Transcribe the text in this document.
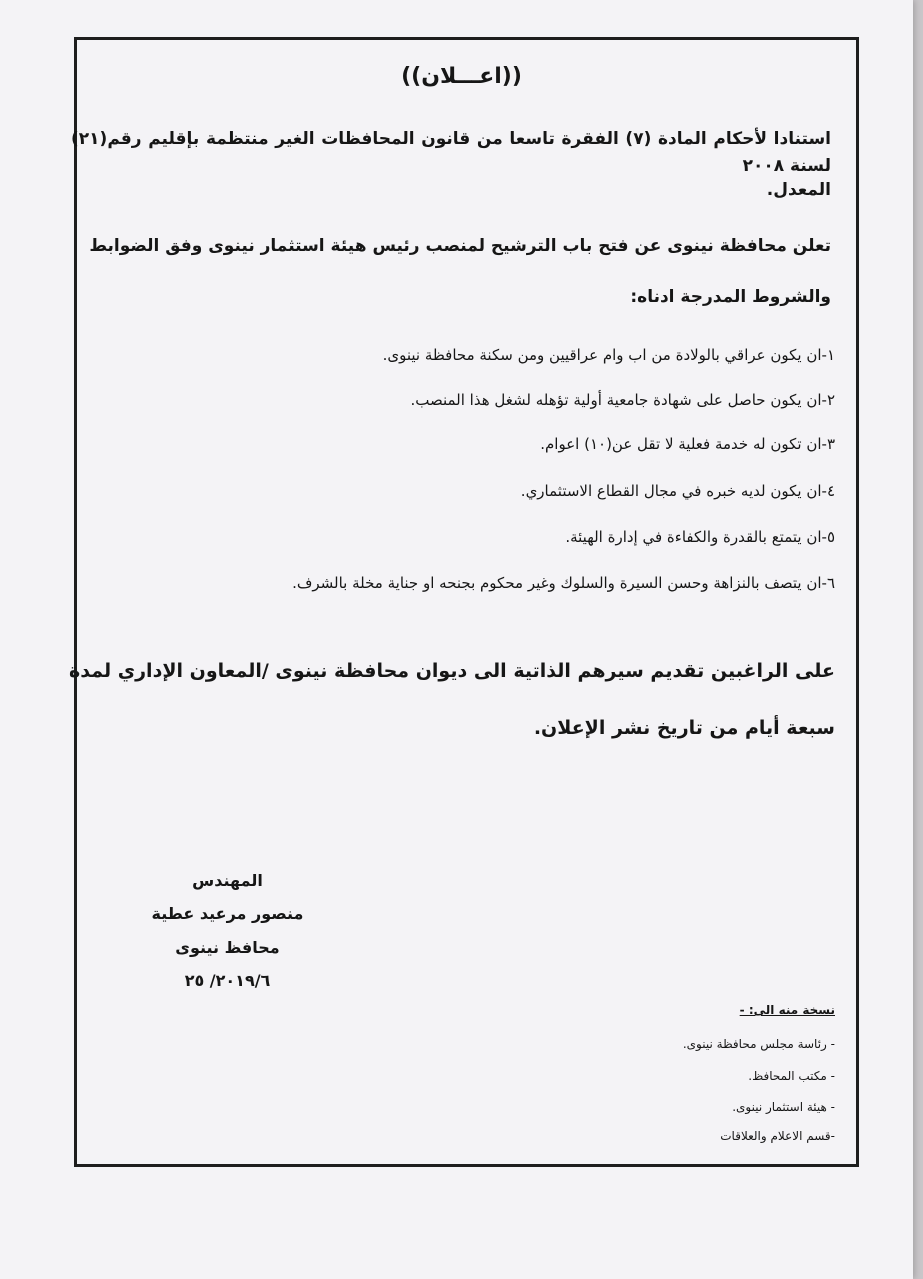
((اعـــلان))
استنادا لأحكام المادة (٧) الفقرة تاسعا من قانون المحافظات الغير منتظمة بإقليم رقم(٢١) لسنة ٢٠٠٨
المعدل.
تعلن محافظة نينوى عن فتح باب الترشيح لمنصب رئيس هيئة استثمار نينوى وفق الضوابط
والشروط المدرجة ادناه:
١-ان يكون عراقي بالولادة من اب وام عراقيين ومن سكنة محافظة نينوى.
٢-ان يكون حاصل على شهادة جامعية أولية تؤهله لشغل هذا المنصب.
٣-ان تكون له خدمة فعلية لا تقل عن(١٠) اعوام.
٤-ان يكون لديه خبره في مجال القطاع الاستثماري.
٥-ان يتمتع بالقدرة والكفاءة في إدارة الهيئة.
٦-ان يتصف بالنزاهة وحسن السيرة والسلوك وغير محكوم بجنحه او جناية مخلة بالشرف.
على الراغبين تقديم سيرهم الذاتية الى ديوان محافظة نينوى /المعاون الإداري لمدة
سبعة أيام من تاريخ نشر الإعلان.
المهندس
منصور مرعيد عطية
محافظ نينوى
٢٠١٩/٦/ ٢٥
نسخة منه الى: -
- رئاسة مجلس محافظة نينوى.
- مكتب المحافظ.
- هيئة استثمار نينوى.
-قسم الاعلام والعلاقات
